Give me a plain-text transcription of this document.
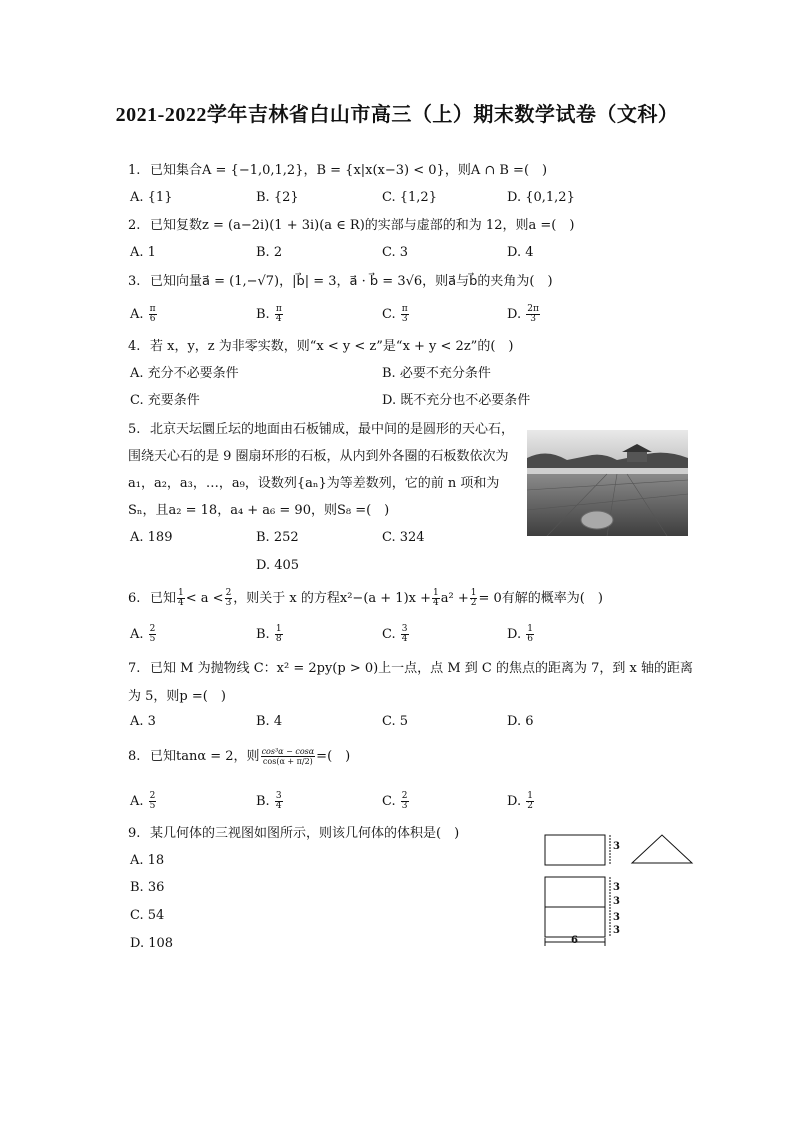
2021-2022学年吉林省白山市高三（上）期末数学试卷（文科）
1. 已知集合A = {−1,0,1,2}，B = {x|x(x−3) < 0}，则A ∩ B =(　)
A. {1}	B. {2}	C. {1,2}	D. {0,1,2}
2. 已知复数z = (a−2i)(1 + 3i)(a ∈ R)的实部与虚部的和为 12，则a =(　)
A. 1	B. 2	C. 3	D. 4
3. 已知向量a⃗ = (1,−√7)，|b⃗| = 3，a⃗ · b⃗ = 3√6，则a⃗与b⃗的夹角为(　)
A. $\frac{\pi}{6}$	B. $\frac{\pi}{4}$	C. $\frac{\pi}{3}$	D. $\frac{2\pi}{3}$
4. 若 x，y，z 为非零实数，则“x < y < z”是“x + y < 2z”的(　)
A. 充分不必要条件	B. 必要不充分条件
C. 充要条件	D. 既不充分也不必要条件
5. 北京天坛圜丘坛的地面由石板铺成，最中间的是圆形的天心石，围绕天心石的是 9 圈扇环形的石板，从内到外各圈的石板数依次为a₁，a₂，a₃，…，a₉，设数列{aₙ}为等差数列，它的前 n 项和为Sₙ，且a₂ = 18，a₄ + a₆ = 90，则S₈ =(　)
A. 189	B. 252	C. 324
D. 405
6. 已知 $\frac{1}{4} < a < \frac{2}{3}$ ，则关于 x 的方程$x^2-(a + 1)x + \frac{1}{4} a^2 + \frac{1}{2} = 0$有解的概率为(　)
A. $\frac{2}{5}$	B. $\frac{1}{8}$	C. $\frac{3}{4}$	D. $\frac{1}{6}$
7. 已知 M 为抛物线 C：x² = 2py(p > 0)上一点，点 M 到 C 的焦点的距离为 7，到 x 轴的距离为 5，则p =(　)
A. 3	B. 4	C. 5	D. 6
8. 已知tanα = 2，则 $\frac{\text{cos³α − cosα}}{\cos(\alpha + \pi/2)}$ =(　)
A. $\frac{2}{5}$	B. $\frac{3}{4}$	C. $\frac{2}{3}$	D. $\frac{1}{2}$
9. 某几何体的三视图如图所示，则该几何体的体积是(　)
A. 18
B. 36
C. 54
D. 108
3
3
3
3
3
6
